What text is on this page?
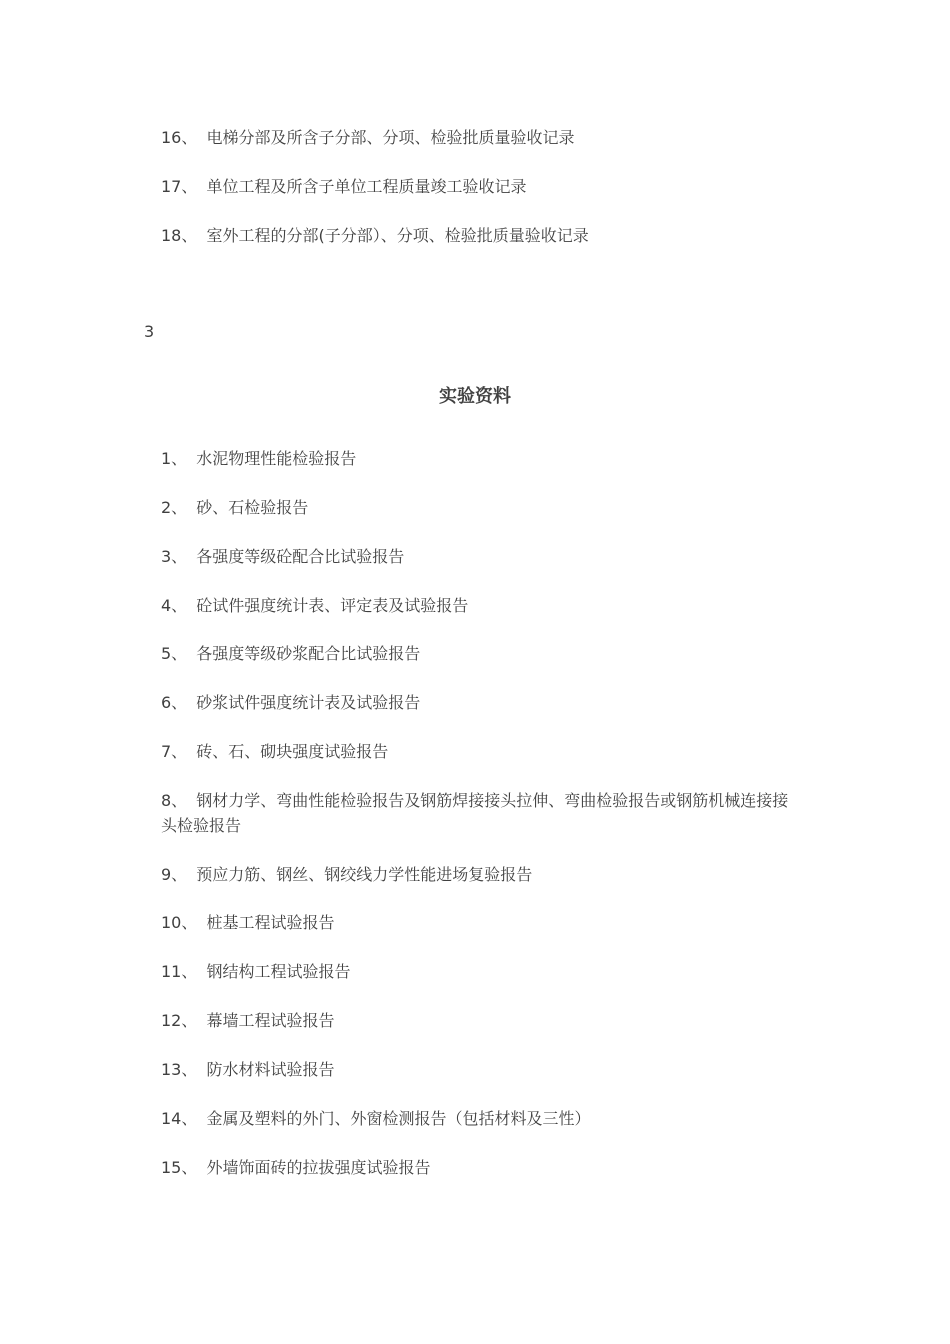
16、 电梯分部及所含子分部、分项、检验批质量验收记录
17、 单位工程及所含子单位工程质量竣工验收记录
18、 室外工程的分部(子分部）、分项、检验批质量验收记录
3
实验资料
1、 水泥物理性能检验报告
2、 砂、石检验报告
3、 各强度等级砼配合比试验报告
4、 砼试件强度统计表、评定表及试验报告
5、 各强度等级砂浆配合比试验报告
6、 砂浆试件强度统计表及试验报告
7、 砖、石、砌块强度试验报告
8、 钢材力学、弯曲性能检验报告及钢筋焊接接头拉伸、弯曲检验报告或钢筋机械连接接头检验报告
9、 预应力筋、钢丝、钢绞线力学性能进场复验报告
10、 桩基工程试验报告
11、 钢结构工程试验报告
12、 幕墙工程试验报告
13、 防水材料试验报告
14、 金属及塑料的外门、外窗检测报告（包括材料及三性）
15、 外墙饰面砖的拉拔强度试验报告
